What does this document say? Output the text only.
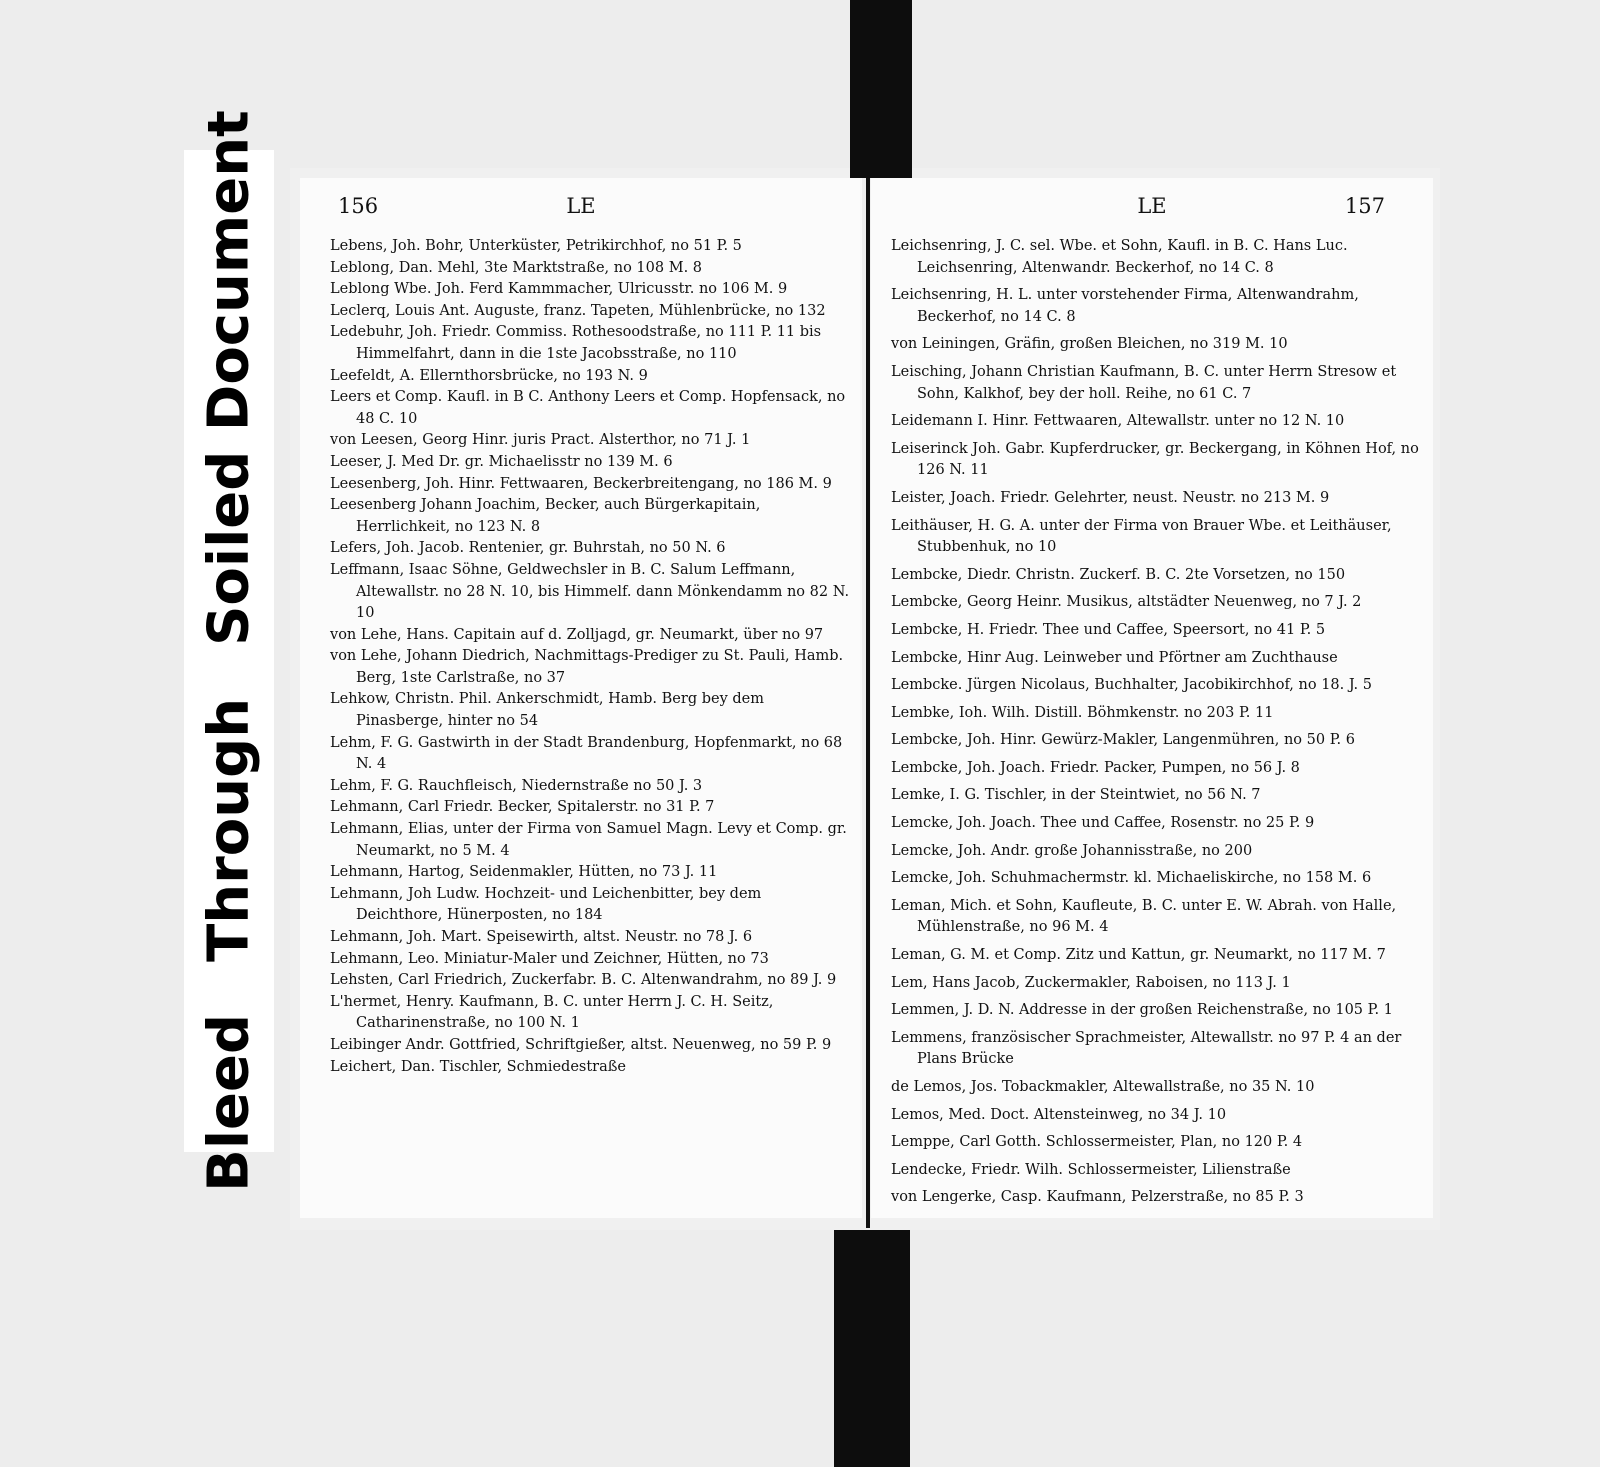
BleedThroughSoiled Document	156	LE
Lebens, Joh. Bohr, Unterküster, Petrikirchhof, no 51 P. 5
Leblong, Dan. Mehl, 3te Marktstraße, no 108 M. 8
Leblong Wbe. Joh. Ferd Kammmacher, Ulricusstr. no 106 M. 9
Leclerq, Louis Ant. Auguste, franz. Tapeten, Mühlenbrücke, no 132
Ledebuhr, Joh. Friedr. Commiss. Rothesoodstraße, no 111 P. 11 bis Himmelfahrt, dann in die 1ste Jacobsstraße, no 110
Leefeldt, A. Ellernthorsbrücke, no 193 N. 9
Leers et Comp. Kaufl. in B C. Anthony Leers et Comp. Hopfensack, no 48 C. 10
von Leesen, Georg Hinr. juris Pract. Alsterthor, no 71 J. 1
Leeser, J. Med Dr. gr. Michaelisstr no 139 M. 6
Leesenberg, Joh. Hinr. Fettwaaren, Beckerbreitengang, no 186 M. 9
Leesenberg Johann Joachim, Becker, auch Bürgerkapitain, Herrlichkeit, no 123 N. 8
Lefers, Joh. Jacob. Rentenier, gr. Buhrstah, no 50 N. 6
Leffmann, Isaac Söhne, Geldwechsler in B. C. Salum Leffmann, Altewallstr. no 28 N. 10, bis Himmelf. dann Mönkendamm no 82 N. 10
von Lehe, Hans. Capitain auf d. Zolljagd, gr. Neumarkt, über no 97
von Lehe, Johann Diedrich, Nachmittags-Prediger zu St. Pauli, Hamb. Berg, 1ste Carlstraße, no 37
Lehkow, Christn. Phil. Ankerschmidt, Hamb. Berg bey dem Pinasberge, hinter no 54
Lehm, F. G. Gastwirth in der Stadt Brandenburg, Hopfenmarkt, no 68 N. 4
Lehm, F. G. Rauchfleisch, Niedernstraße no 50 J. 3
Lehmann, Carl Friedr. Becker, Spitalerstr. no 31 P. 7
Lehmann, Elias, unter der Firma von Samuel Magn. Levy et Comp. gr. Neumarkt, no 5 M. 4
Lehmann, Hartog, Seidenmakler, Hütten, no 73 J. 11
Lehmann, Joh Ludw. Hochzeit- und Leichenbitter, bey dem Deichthore, Hünerposten, no 184
Lehmann, Joh. Mart. Speisewirth, altst. Neustr. no 78 J. 6
Lehmann, Leo. Miniatur-Maler und Zeichner, Hütten, no 73
Lehsten, Carl Friedrich, Zuckerfabr. B. C. Altenwandrahm, no 89 J. 9
L'hermet, Henry. Kaufmann, B. C. unter Herrn J. C. H. Seitz, Catharinenstraße, no 100 N. 1
Leibinger Andr. Gottfried, Schriftgießer, altst. Neuenweg, no 59 P. 9
Leichert, Dan. Tischler, Schmiedestraße
LE	157
Leichsenring, J. C. sel. Wbe. et Sohn, Kaufl. in B. C. Hans Luc. Leichsenring, Altenwandr. Beckerhof, no 14 C. 8
Leichsenring, H. L. unter vorstehender Firma, Altenwandrahm, Beckerhof, no 14 C. 8
von Leiningen, Gräfin, großen Bleichen, no 319 M. 10
Leisching, Johann Christian Kaufmann, B. C. unter Herrn Stresow et Sohn, Kalkhof, bey der holl. Reihe, no 61 C. 7
Leidemann I. Hinr. Fettwaaren, Altewallstr. unter no 12 N. 10
Leiserinck Joh. Gabr. Kupferdrucker, gr. Beckergang, in Köhnen Hof, no 126 N. 11
Leister, Joach. Friedr. Gelehrter, neust. Neustr. no 213 M. 9
Leithäuser, H. G. A. unter der Firma von Brauer Wbe. et Leithäuser, Stubbenhuk, no 10
Lembcke, Diedr. Christn. Zuckerf. B. C. 2te Vorsetzen, no 150
Lembcke, Georg Heinr. Musikus, altstädter Neuenweg, no 7 J. 2
Lembcke, H. Friedr. Thee und Caffee, Speersort, no 41 P. 5
Lembcke, Hinr Aug. Leinweber und Pförtner am Zuchthause
Lembcke. Jürgen Nicolaus, Buchhalter, Jacobikirchhof, no 18. J. 5
Lembke, Ioh. Wilh. Distill. Böhmkenstr. no 203 P. 11
Lembcke, Joh. Hinr. Gewürz-Makler, Langenmühren, no 50 P. 6
Lembcke, Joh. Joach. Friedr. Packer, Pumpen, no 56 J. 8
Lemke, I. G. Tischler, in der Steintwiet, no 56 N. 7
Lemcke, Joh. Joach. Thee und Caffee, Rosenstr. no 25 P. 9
Lemcke, Joh. Andr. große Johannisstraße, no 200
Lemcke, Joh. Schuhmachermstr. kl. Michaeliskirche, no 158 M. 6
Leman, Mich. et Sohn, Kaufleute, B. C. unter E. W. Abrah. von Halle, Mühlenstraße, no 96 M. 4
Leman, G. M. et Comp. Zitz und Kattun, gr. Neumarkt, no 117 M. 7
Lem, Hans Jacob, Zuckermakler, Raboisen, no 113 J. 1
Lemmen, J. D. N. Addresse in der großen Reichenstraße, no 105 P. 1
Lemmens, französischer Sprachmeister, Altewallstr. no 97 P. 4 an der Plans Brücke
de Lemos, Jos. Tobackmakler, Altewallstraße, no 35 N. 10
Lemos, Med. Doct. Altensteinweg, no 34 J. 10
Lemppe, Carl Gotth. Schlossermeister, Plan, no 120 P. 4
Lendecke, Friedr. Wilh. Schlossermeister, Lilienstraße
von Lengerke, Casp. Kaufmann, Pelzerstraße, no 85 P. 3
